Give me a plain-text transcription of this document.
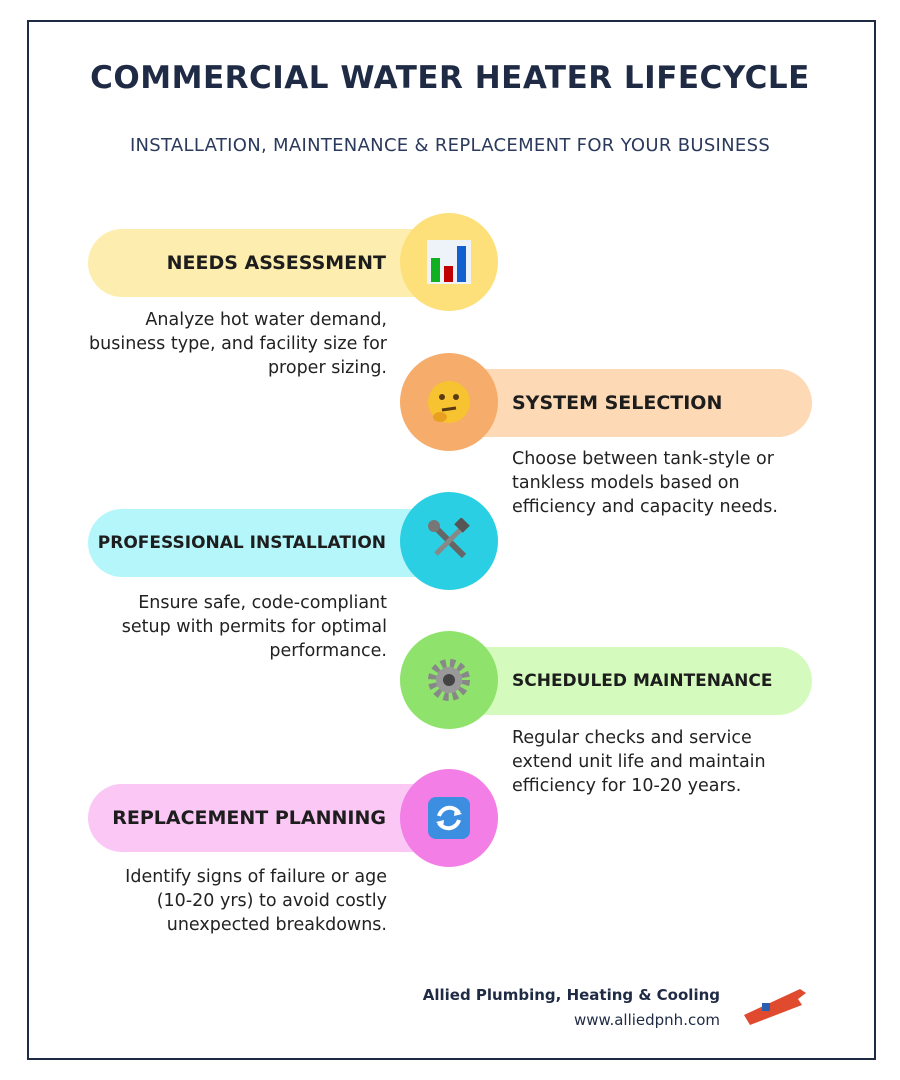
COMMERCIAL WATER HEATER LIFECYCLE
INSTALLATION, MAINTENANCE & REPLACEMENT FOR YOUR BUSINESS
NEEDS ASSESSMENT
Analyze hot water demand, business type, and facility size for proper sizing.
SYSTEM SELECTION
Choose between tank-style or tankless models based on efficiency and capacity needs.
PROFESSIONAL INSTALLATION
Ensure safe, code-compliant setup with permits for optimal performance.
SCHEDULED MAINTENANCE
Regular checks and service extend unit life and maintain efficiency for 10-20 years.
REPLACEMENT PLANNING
Identify signs of failure or age (10-20 yrs) to avoid costly unexpected breakdowns.
Allied Plumbing, Heating & Cooling
www.alliedpnh.com
